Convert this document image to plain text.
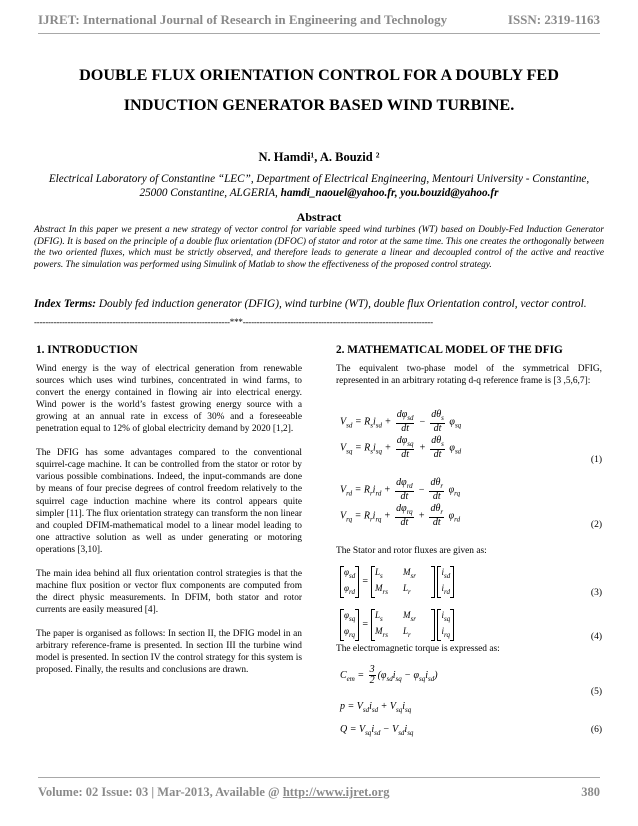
IJRET: International Journal of Research in Engineering and Technology	ISSN: 2319-1163
DOUBLE FLUX ORIENTATION CONTROL FOR A DOUBLY FED
INDUCTION GENERATOR BASED WIND TURBINE.
N. Hamdi¹, A. Bouzid ²
Electrical Laboratory of Constantine “LEC”, Department of Electrical Engineering, Mentouri University - Constantine,
25000 Constantine, ALGERIA, hamdi_naouel@yahoo.fr, you.bouzid@yahoo.fr
Abstract
Abstract In this paper we present a new strategy of vector control for variable speed wind turbines (WT) based on Doubly-Fed Induction Generator (DFIG). It is based on the principle of a double flux orientation (DFOC) of stator and rotor at the same time. This one creates the orthogonally between the two oriented fluxes, which must be strictly observed, and therefore leads to generate a linear and decoupled control of the active and reactive powers. The simulation was performed using Simulink of Matlab to show the effectiveness of the proposed control strategy.
Index Terms: Doubly fed induction generator (DFIG), wind turbine (WT), double flux Orientation control, vector control.
----------------------------------------------------------------------***--------------------------------------------------------------------
1. INTRODUCTION

Wind energy is the way of electrical generation from renewable sources which uses wind turbines, concentrated in wind farms, to convert the energy contained in flowing air into electrical energy. Wind power is the world’s fastest growing energy source with a growing at an annual rate in excess of 30% and a foreseeable penetration equal to 12% of global electricity demand by 2020 [1,2].

The DFIG has some advantages compared to the conventional squirrel-cage machine. It can be controlled from the stator or rotor by various possible combinations. Indeed, the input-commands are done by means of four precise degrees of control freedom relatively to the squirrel cage induction machine where its control appears quite simpler [11]. The flux orientation strategy can transform the non linear and coupled DFIM-mathematical model to a linear model leading to one attractive solution as well as under generating or motoring operations [3,10].

The main idea behind all flux orientation control strategies is that the machine flux position or vector flux components are computed from the direct physic measurements. In DFIM, both stator and rotor currents are easily measured [4].

The paper is organised as follows: In section II, the DFIG model in an arbitrary reference-frame is presented. In section III the turbine wind model is presented. In section IV the control strategy for this system is proposed. Finally, the results and conclusions are drawn.

2. MATHEMATICAL MODEL OF THE DFIG

The equivalent two-phase model of the symmetrical DFIG, represented in an arbitrary rotating d-q reference frame is [3 ,5,6,7]:

$V_{sd} = R_si_{sd} + \frac{d\varphi_{sd}}{dt} - \frac{d\theta_s}{dt} \varphi_{sq}$
$V_{sq} = R_si_{sq} + \frac{d\varphi_{sq}}{dt} + \frac{d\theta_s}{dt} \varphi_{sd}$
(1)
$V_{rd} = R_ri_{rd} + \frac{d\varphi_{rd}}{dt} - \frac{d\theta_r}{dt} \varphi_{rq}$
$V_{rq} = R_ri_{rq} + \frac{d\varphi_{rq}}{dt} + \frac{d\theta_r}{dt} \varphi_{rd}$
(2)
The Stator and rotor fluxes are given as:
$\varphi_{sd}$
$\varphi_{rd}$
= $L_s$ $M_{sr}$
$M_{rs}$ $L_r$
$i_{sd}$
$i_{rd}$	(3)
$\varphi_{sq}$
$\varphi_{rq}$
= $L_s$ $M_{sr}$
$M_{rs}$ $L_r$
$i_{sq}$
$i_{rq}$	(4)
The electromagnetic torque is expressed as:
$C_{em} = \frac{3}{2} (\varphi_{sd}i_{sq} - \varphi_{sq}i_{sd})$
(5)
$p = V_{sd}i_{sd} + V_{sq}i_{sq}$
$Q = V_{sq}i_{sd} - V_{sd}i_{sq}$	(6)
Volume: 02 Issue: 03 | Mar-2013, Available @ http://www.ijret.org	380
